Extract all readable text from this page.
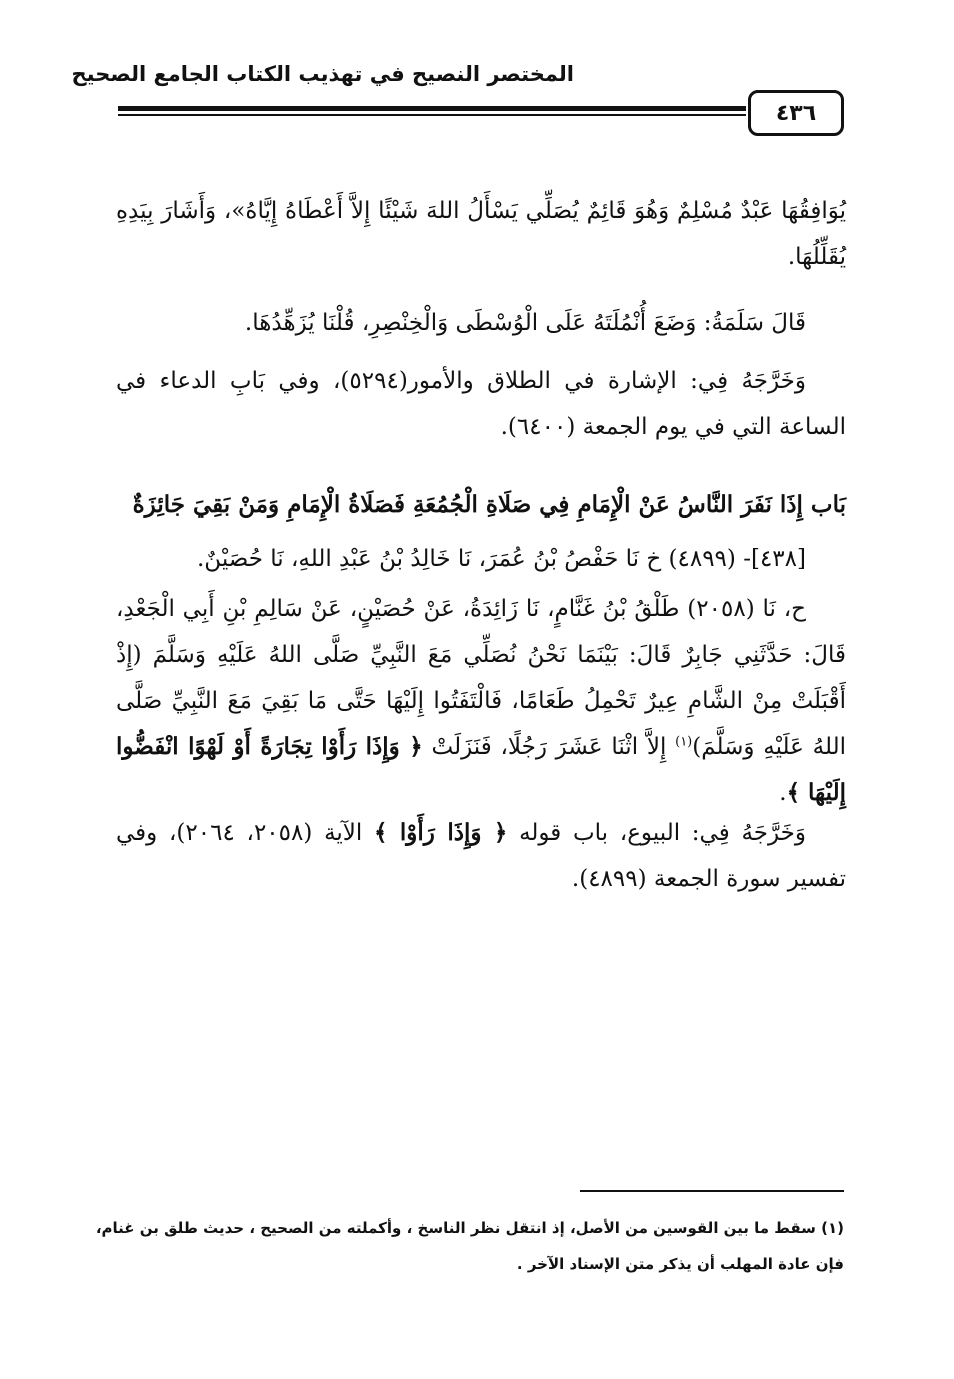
المختصر النصيح في تهذيب الكتاب الجامع الصحيح
٤٣٦
يُوَافِقُهَا عَبْدٌ مُسْلِمٌ وَهُوَ قَائِمٌ يُصَلِّي يَسْأَلُ اللهَ شَيْئًا إِلاَّ أَعْطَاهُ إِيَّاهُ»، وَأَشَارَ بِيَدِهِ يُقَلِّلُهَا.
قَالَ سَلَمَةُ: وَضَعَ أُنْمُلَتَهُ عَلَى الْوُسْطَى وَالْخِنْصِرِ، قُلْنَا يُزَهِّدُهَا.
وَخَرَّجَهُ فِي: الإشارة في الطلاق والأمور(٥٢٩٤)، وفي بَابِ الدعاء في الساعة التي في يوم الجمعة (٦٤٠٠).
بَاب إِذَا نَفَرَ النَّاسُ عَنْ الْإِمَامِ فِي صَلَاةِ الْجُمُعَةِ فَصَلَاةُ الْإِمَامِ وَمَنْ بَقِيَ جَائِزَةٌ
[٤٣٨]- (٤٨٩٩) خ نَا حَفْصُ بْنُ عُمَرَ، نَا خَالِدُ بْنُ عَبْدِ اللهِ، نَا حُصَيْنٌ.
ح، نَا (٢٠٥٨) طَلْقُ بْنُ غَنَّامٍ، نَا زَائِدَةُ، عَنْ حُصَيْنٍ، عَنْ سَالِمِ بْنِ أَبِي الْجَعْدِ، قَالَ: حَدَّثَنِي جَابِرٌ قَالَ: بَيْنَمَا نَحْنُ نُصَلِّي مَعَ النَّبِيِّ صَلَّى اللهُ عَلَيْهِ وَسَلَّمَ (إِذْ أَقْبَلَتْ مِنْ الشَّامِ عِيرٌ تَحْمِلُ طَعَامًا، فَالْتَفَتُوا إِلَيْهَا حَتَّى مَا بَقِيَ مَعَ النَّبِيِّ صَلَّى اللهُ عَلَيْهِ وَسَلَّمَ)$^{(١)}$ إِلاَّ اثْنَا عَشَرَ رَجُلًا، فَنَزَلَتْ ﴿ وَإِذَا رَأَوْا تِجَارَةً أَوْ لَهْوًا انْفَضُّوا إِلَيْهَا ﴾.
وَخَرَّجَهُ فِي: البيوع، باب قوله ﴿ وَإِذَا رَأَوْا ﴾ الآية (٢٠٥٨، ٢٠٦٤)، وفي تفسير سورة الجمعة (٤٨٩٩).
(١) سقط ما بين القوسين من الأصل، إذ انتقل نظر الناسخ ، وأكملته من الصحيح ، حديث طلق بن غنام،
فإن عادة المهلب أن يذكر متن الإسناد الآخر .
